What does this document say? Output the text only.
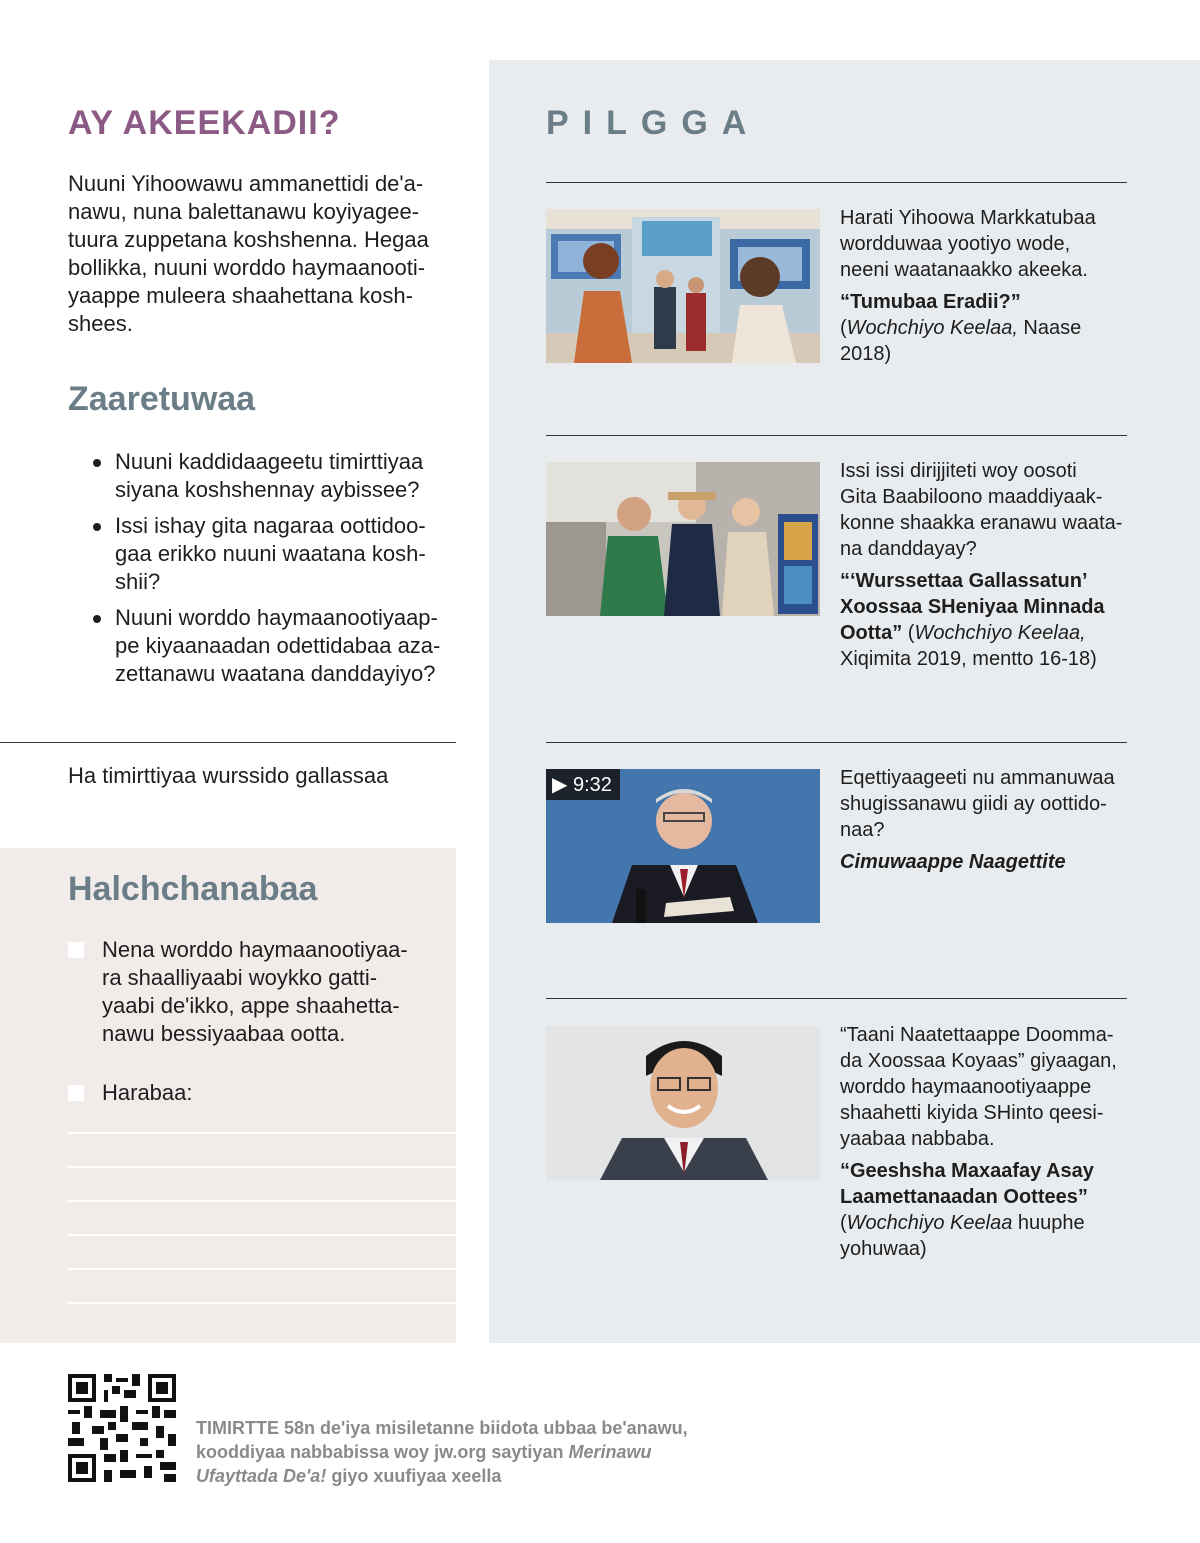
AY AKEEKADII?

Nuuni Yihoowawu ammanettidi de'a-
nawu, nuna balettanawu koyiyagee-
tuura zuppetana koshshenna. Hegaa
bollikka, nuuni worddo haymaanooti-
yaappe muleera shaahettana kosh-
shees.

Zaaretuwaa
Nuuni kaddidaageetu timirttiyaa
siyana koshshennay aybissee?
Issi ishay gita nagaraa oottidoo-
gaa erikko nuuni waatana kosh-
shii?
Nuuni worddo haymaanootiyaap-
pe kiyaanaadan odettidabaa aza-
zettanawu waatana danddayiyo?

Ha timirttiyaa wurssido gallassaa

Halchchanabaa
Nena worddo haymaanootiyaa-
ra shaalliyaabi woykko gatti-
yaabi de'ikko, appe shaahetta-
nawu bessiyaabaa ootta.
Harabaa:
PILGGA
Harati Yihoowa Markkatubaa
wordduwaa yootiyo wode,
neeni waatanaakko akeeka.
“Tumubaa Eradii?”
(Wochchiyo Keelaa, Naase 2018)
Issi issi dirijjiteti woy oosoti
Gita Baabiloono maaddiyaak-
konne shaakka eranawu waata-
na danddayay?
“‘Wurssettaa Gallassatun’
Xoossaa SHeniyaa Minnada
Ootta” (Wochchiyo Keelaa,
Xiqimita 2019, mentto 16-18)
▶ 9:32	Eqettiyaageeti nu ammanuwaa
shugissanawu giidi ay oottido-
naa?
Cimuwaappe Naagettite
“Taani Naatettaappe Doomma-
da Xoossaa Koyaas” giyaagan,
worddo haymaanootiyaappe
shaahetti kiyida SHinto qeesi-
yaabaa nabbaba.
“Geeshsha Maxaafay Asay
Laamettanaadan Oottees”
(Wochchiyo Keelaa huuphe yohuwaa)

TIMIRTTE 58n de'iya misiletanne biidota ubbaa be'anawu,
kooddiyaa nabbabissa woy jw.org saytiyan Merinawu
Ufayttada De'a! giyo xuufiyaa xeella
